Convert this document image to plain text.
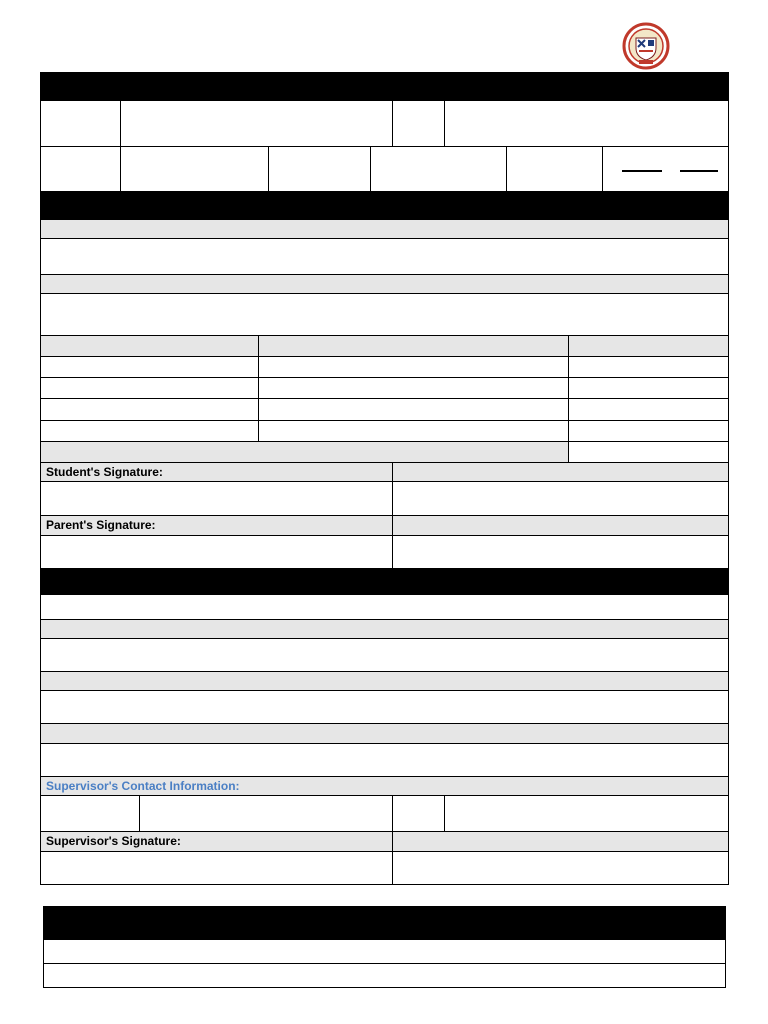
Student's Signature:
Parent's Signature:
Supervisor's Contact Information:
Supervisor's Signature:
